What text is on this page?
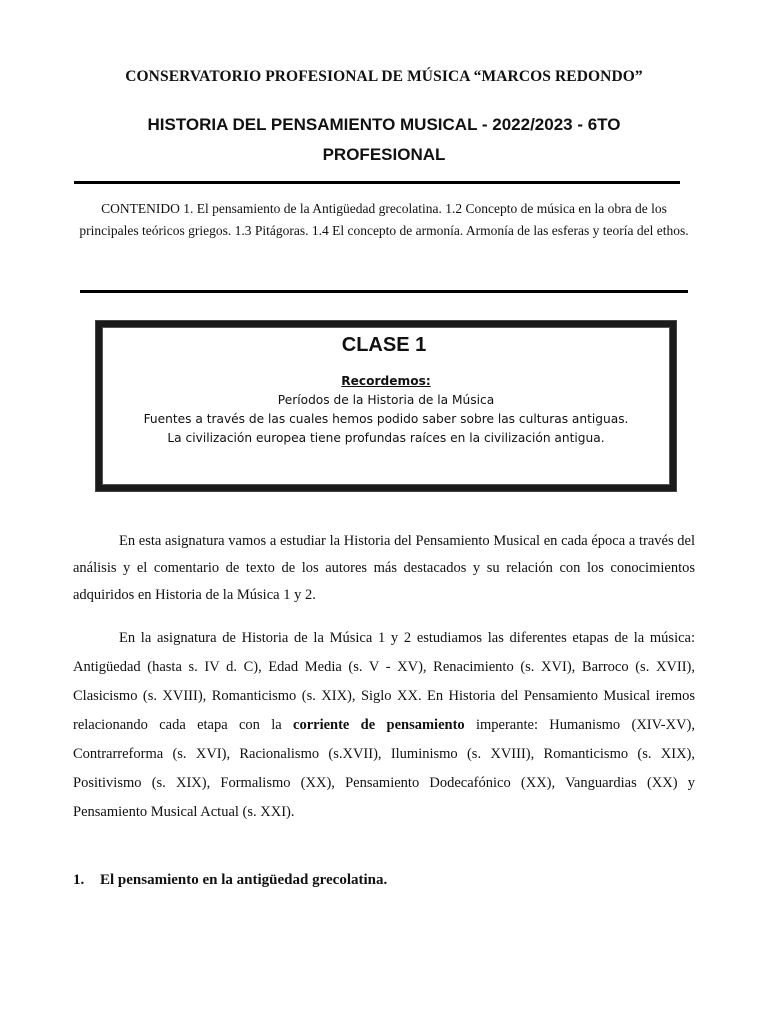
CONSERVATORIO PROFESIONAL DE MÚSICA “MARCOS REDONDO”
HISTORIA DEL PENSAMIENTO MUSICAL - 2022/2023 - 6TO PROFESIONAL
CONTENIDO 1. El pensamiento de la Antigüedad grecolatina. 1.2 Concepto de música en la obra de los principales teóricos griegos. 1.3 Pitágoras. 1.4 El concepto de armonía. Armonía de las esferas y teoría del ethos.
CLASE 1
Recordemos:
Períodos de la Historia de la Música
Fuentes a través de las cuales hemos podido saber sobre las culturas antiguas.
La civilización europea tiene profundas raíces en la civilización antigua.

En esta asignatura vamos a estudiar la Historia del Pensamiento Musical en cada época a través del análisis y el comentario de texto de los autores más destacados y su relación con los conocimientos adquiridos en Historia de la Música 1 y 2.

En la asignatura de Historia de la Música 1 y 2 estudiamos las diferentes etapas de la música: Antigüedad (hasta s. IV d. C), Edad Media (s. V - XV), Renacimiento (s. XVI), Barroco (s. XVII), Clasicismo (s. XVIII), Romanticismo (s. XIX), Siglo XX. En Historia del Pensamiento Musical iremos relacionando cada etapa con la corriente de pensamiento imperante: Humanismo (XIV-XV), Contrarreforma (s. XVI), Racionalismo (s.XVII), Iluminismo (s. XVIII), Romanticismo (s. XIX), Positivismo (s. XIX), Formalismo (XX), Pensamiento Dodecafónico (XX), Vanguardias (XX) y Pensamiento Musical Actual (s. XXI).

1. El pensamiento en la antigüedad grecolatina.
